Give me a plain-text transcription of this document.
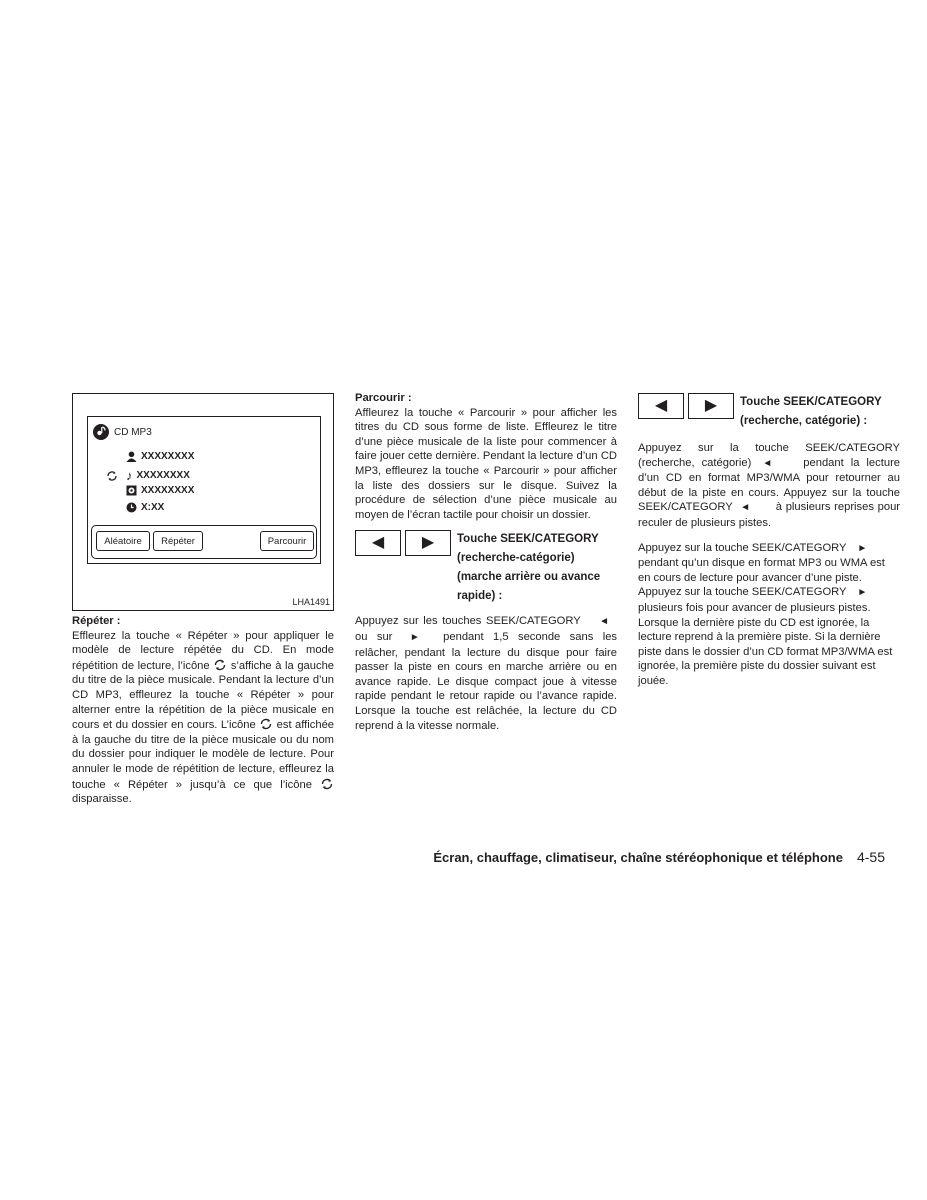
CD MP3
XXXXXXXX
♪ XXXXXXXX
XXXXXXXX
X:XX
Aléatoire	Répéter	Parcourir
LHA1491

Répéter :

Effleurez la touche « Répéter » pour appliquer le modèle de lecture répétée du CD. En mode répétition de lecture, l’icône s’affiche à la gauche du titre de la pièce musicale. Pendant la lecture d’un CD MP3, effleurez la touche « Répéter » pour alterner entre la répétition de la pièce musicale en cours et du dossier en cours. L’icône est affichée à la gauche du titre de la pièce musicale ou du nom du dossier pour indiquer le modèle de lecture. Pour annuler le mode de répétition de lecture, effleurez la touche « Répéter » jusqu’à ce que l’icône  disparaisse.

Parcourir :

Affleurez la touche « Parcourir » pour afficher les titres du CD sous forme de liste. Effleurez le titre d’une pièce musicale de la liste pour commencer à faire jouer cette dernière. Pendant la lecture d’un CD MP3, effleurez la touche « Parcourir » pour afficher la liste des dossiers sur le disque. Suivez la procédure de sélection d’une pièce musicale au moyen de l’écran tactile pour choisir un dossier.

◀	▶	Touche SEEK/CATEGORY (recherche-catégorie) (marche arrière ou avance rapide) :

Appuyez sur les touches SEEK/CATEGORY ◄ ou sur ► pendant 1,5 seconde sans les relâcher, pendant la lecture du disque pour faire passer la piste en cours en marche arrière ou en avance rapide. Le disque compact joue à vitesse rapide pendant le retour rapide ou l’avance rapide. Lorsque la touche est relâchée, la lecture du CD reprend à la vitesse normale.

◀	▶	Touche SEEK/CATEGORY (recherche, catégorie) :

Appuyez sur la touche SEEK/CATEGORY (recherche, catégorie) ◄	pendant la lecture d’un CD en format MP3/WMA pour retourner au début de la piste en cours. Appuyez sur la touche SEEK/CATEGORY ◄ à plusieurs reprises pour reculer de plusieurs pistes.

Appuyez sur la touche SEEK/CATEGORY ►
pendant qu’un disque en format MP3 ou WMA est en cours de lecture pour avancer d’une piste. Appuyez sur la touche SEEK/CATEGORY ► plusieurs fois pour avancer de plusieurs pistes. Lorsque la dernière piste du CD est ignorée, la lecture reprend à la première piste. Si la dernière piste dans le dossier d’un CD format MP3/WMA est ignorée, la première piste du dossier suivant est jouée.

Écran, chauffage, climatiseur, chaîne stéréophonique et téléphone 4-55
